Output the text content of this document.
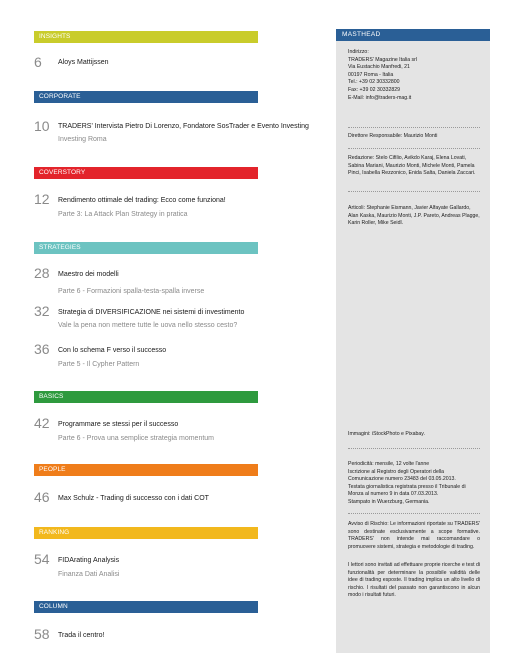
INSIGHTS
6 Aloys Mattijssen
CORPORATE
10 TRADERS' Intervista Pietro Di Lorenzo, Fondatore SosTrader e Evento Investing
Investing Roma
COVERSTORY
12 Rendimento ottimale del trading: Ecco come funziona!
Parte 3: La Attack Plan Strategy in pratica
STRATEGIES
28 Maestro dei modelli
Parte 6 - Formazioni spalla-testa-spalla inverse
32 Strategia di DIVERSIFICAZIONE nei sistemi di investimento
Vale la pena non mettere tutte le uova nello stesso cesto?
36 Con lo schema F verso il successo
Parte 5 - Il Cypher Pattern
BASICS
42 Programmare se stessi per il successo
Parte 6 - Prova una semplice strategia momentum
PEOPLE
46 Max Schulz - Trading di successo con i dati COT
RANKING
54 FIDArating Analysis
Finanza Dati Analisi
COLUMN
58 Trada il centro!
MASTHEAD
Indirizzo:
TRADERS' Magazine Italia srl
Via Eustachio Manfredi, 21
00197 Roma - Italia
Tel.: +39 02 30332800
Fax: +39 02 30332829
E-Mail: info@traders-mag.it
Direttore Responsabile: Maurizio Monti
Redazione: Stelo Cifilio, Avikdo Karaj, Elena Lovati, Sabina Mariani, Maurizio Monti, Michele Monti, Pamela Pinci, Isabella Rezzonico, Enida Salta, Daniela Zaccari.
Articoli: Stephanie Eismann, Javier Alfayate Gallardo, Alan Kaska, Maurizio Monti, J.P. Pareto, Andreas Plagge, Karin Roller, Mike Seidl.
Immagini: iStockPhoto e Pixabay.
Periodicità: mensile, 12 volte l'anne
Iscrizione al Registro degli Operatori della Comunicazione numero 23483 del 03.05.2013.
Testata giornalistica registrata presso il Tribunale di Monza al numero 9 in data 07.03.2013.
Stampato in Wuerzburg, Germania.
Avviso di Rischio: Le informazioni riportate su TRADERS' sono destinate esclusivamente a scope formative. TRADERS' non intende mai raccomandare o promuovere sistemi, strategia e metodologie di trading.
I lettori sono invitati ad effettuare proprie ricerche e test di funzionalità per determinare la possibile validità delle idee di trading esposte. Il trading implica un alto livello di rischio. I risultati del passato non garantiscono in alcun modo i risultati futuri.
